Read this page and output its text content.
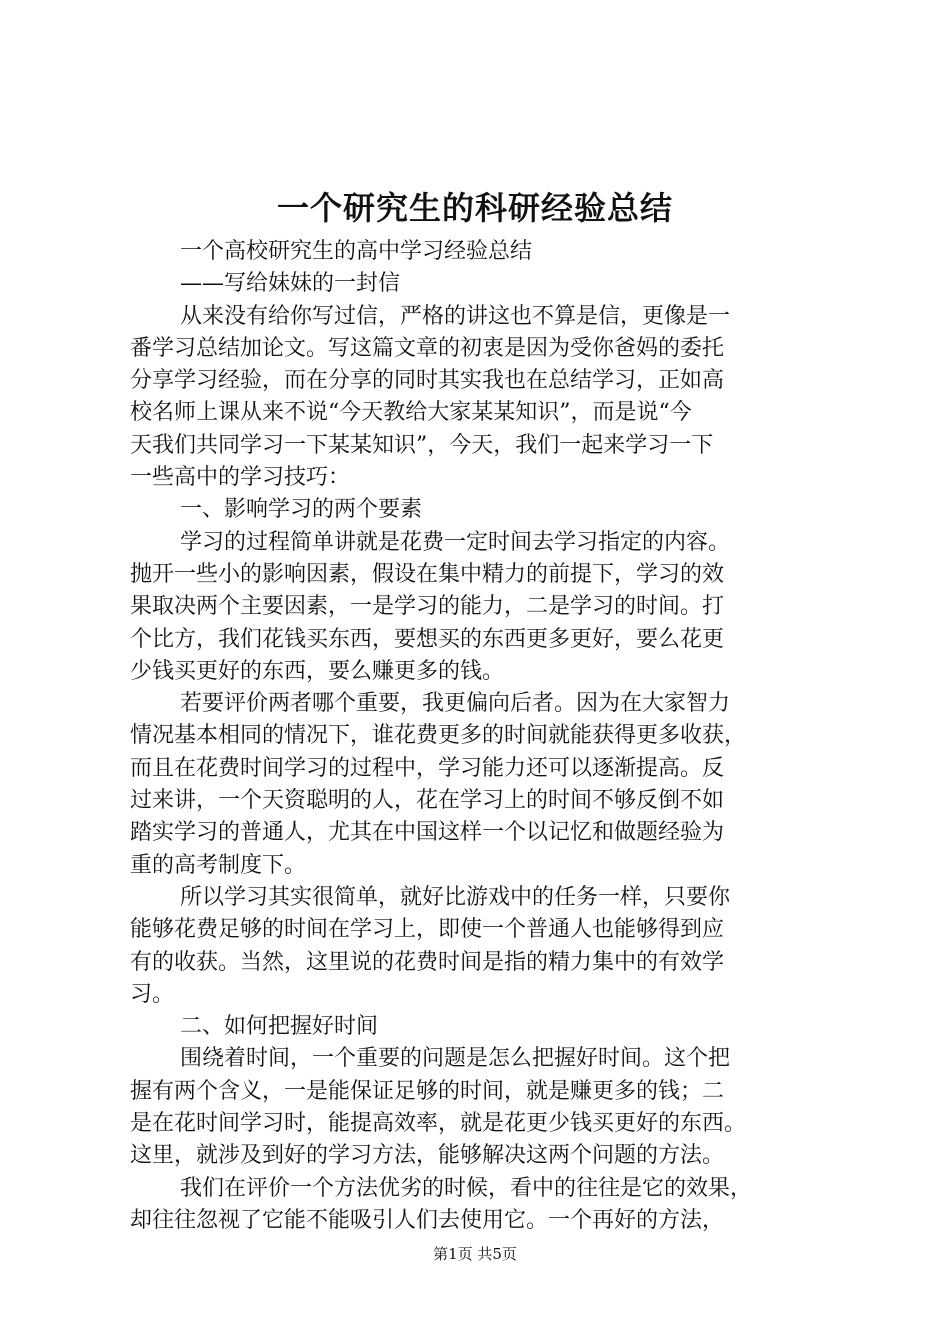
一个研究生的科研经验总结
一个高校研究生的高中学习经验总结
——写给妹妹的一封信
从来没有给你写过信，严格的讲这也不算是信，更像是一
番学习总结加论文。写这篇文章的初衷是因为受你爸妈的委托
分享学习经验，而在分享的同时其实我也在总结学习，正如高
校名师上课从来不说“今天教给大家某某知识”，而是说“今
天我们共同学习一下某某知识”，今天，我们一起来学习一下
一些高中的学习技巧：
一、影响学习的两个要素
学习的过程简单讲就是花费一定时间去学习指定的内容。
抛开一些小的影响因素，假设在集中精力的前提下，学习的效
果取决两个主要因素，一是学习的能力，二是学习的时间。打
个比方，我们花钱买东西，要想买的东西更多更好，要么花更
少钱买更好的东西，要么赚更多的钱。
若要评价两者哪个重要，我更偏向后者。因为在大家智力
情况基本相同的情况下，谁花费更多的时间就能获得更多收获，
而且在花费时间学习的过程中，学习能力还可以逐渐提高。反
过来讲，一个天资聪明的人，花在学习上的时间不够反倒不如
踏实学习的普通人，尤其在中国这样一个以记忆和做题经验为
重的高考制度下。
所以学习其实很简单，就好比游戏中的任务一样，只要你
能够花费足够的时间在学习上，即使一个普通人也能够得到应
有的收获。当然，这里说的花费时间是指的精力集中的有效学
习。
二、如何把握好时间
围绕着时间，一个重要的问题是怎么把握好时间。这个把
握有两个含义，一是能保证足够的时间，就是赚更多的钱；二
是在花时间学习时，能提高效率，就是花更少钱买更好的东西。
这里，就涉及到好的学习方法，能够解决这两个问题的方法。
我们在评价一个方法优劣的时候，看中的往往是它的效果，
却往往忽视了它能不能吸引人们去使用它。一个再好的方法，
第1页 共5页
